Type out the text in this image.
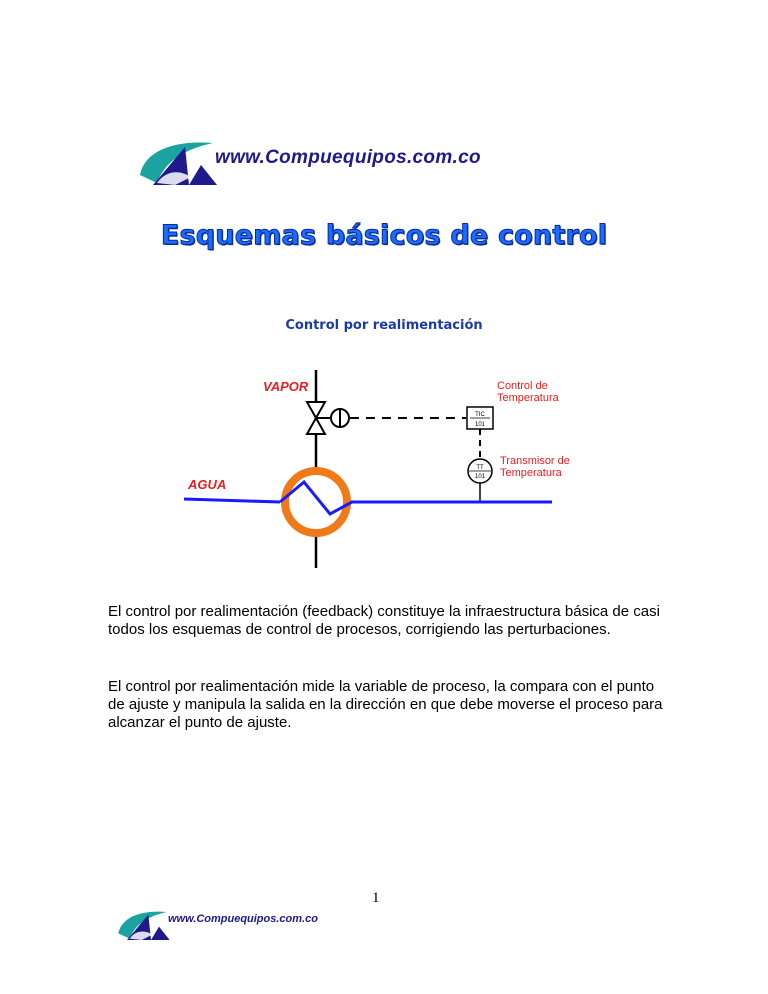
www.Compuequipos.com.co
Esquemas básicos de control
Control por realimentación
TIC
101
TT
101
VAPOR
AGUA
Control de
Temperatura
Transmisor de
Temperatura

El control por realimentación (feedback) constituye la infraestructura básica de casi todos los esquemas de control de procesos, corrigiendo las perturbaciones.

El control por realimentación mide la variable de proceso, la compara con el punto de ajuste y manipula la salida en la dirección en que debe moverse el proceso para alcanzar el punto de ajuste.

1
www.Compuequipos.com.co
